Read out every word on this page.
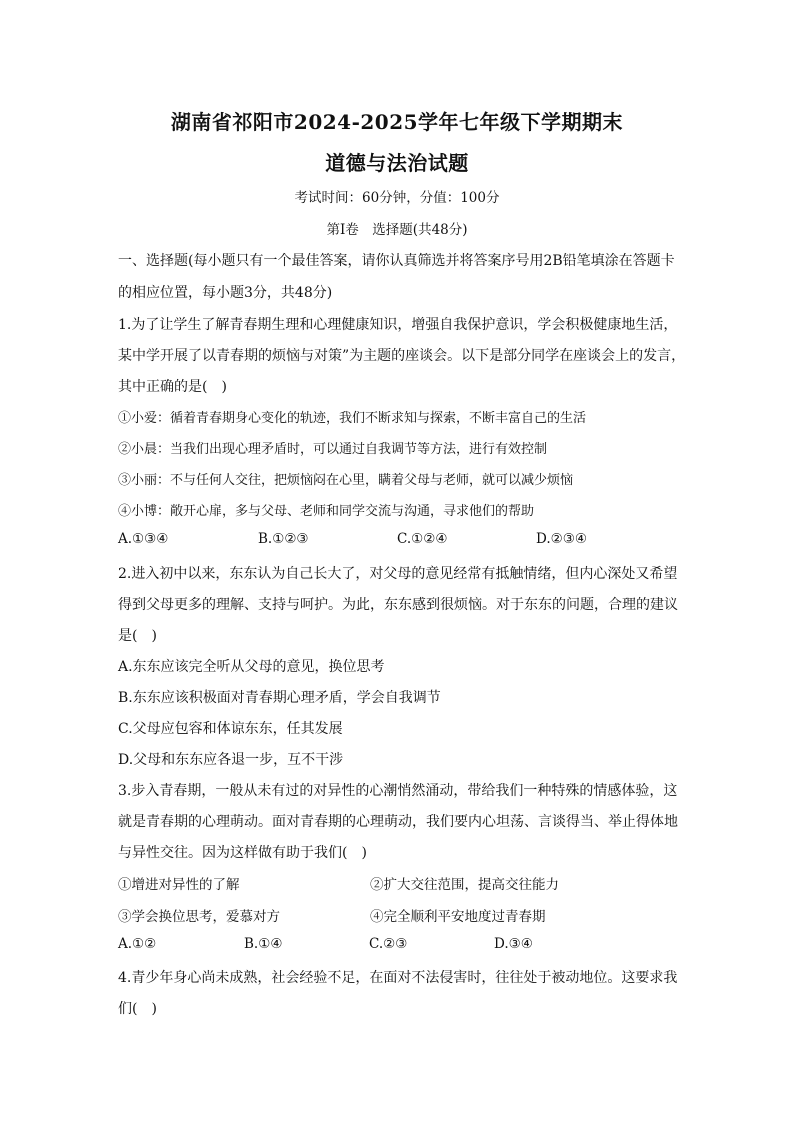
湖南省祁阳市2024-2025学年七年级下学期期末
道德与法治试题
考试时间：60分钟，分值：100分
第Ⅰ卷　选择题(共48分)
一、选择题(每小题只有一个最佳答案，请你认真筛选并将答案序号用2B铅笔填涂在答题卡
的相应位置，每小题3分，共48分)
1.为了让学生了解青春期生理和心理健康知识，增强自我保护意识，学会积极健康地生活，
某中学开展了以青春期的烦恼与对策”为主题的座谈会。以下是部分同学在座谈会上的发言，
其中正确的是(　)
①小爱：循着青春期身心变化的轨迹，我们不断求知与探索，不断丰富自己的生活
②小晨：当我们出现心理矛盾时，可以通过自我调节等方法，进行有效控制
③小丽：不与任何人交往，把烦恼闷在心里，瞒着父母与老师，就可以减少烦恼
④小博：敞开心扉，多与父母、老师和同学交流与沟通，寻求他们的帮助
A.①③④	B.①②③	C.①②④	D.②③④
2.进入初中以来，东东认为自己长大了，对父母的意见经常有抵触情绪，但内心深处又希望
得到父母更多的理解、支持与呵护。为此，东东感到很烦恼。对于东东的问题，合理的建议
是(　)
A.东东应该完全听从父母的意见，换位思考
B.东东应该积极面对青春期心理矛盾，学会自我调节
C.父母应包容和体谅东东，任其发展
D.父母和东东应各退一步，互不干涉
3.步入青春期，一般从未有过的对异性的心潮悄然涌动，带给我们一种特殊的情感体验，这
就是青春期的心理萌动。面对青春期的心理萌动，我们要内心坦荡、言谈得当、举止得体地
与异性交往。因为这样做有助于我们(　)
①增进对异性的了解	②扩大交往范围，提高交往能力
③学会换位思考，爱慕对方	④完全顺利平安地度过青春期
A.①②	B.①④	C.②③	D.③④
4.青少年身心尚未成熟，社会经验不足，在面对不法侵害时，往往处于被动地位。这要求我
们(　)
